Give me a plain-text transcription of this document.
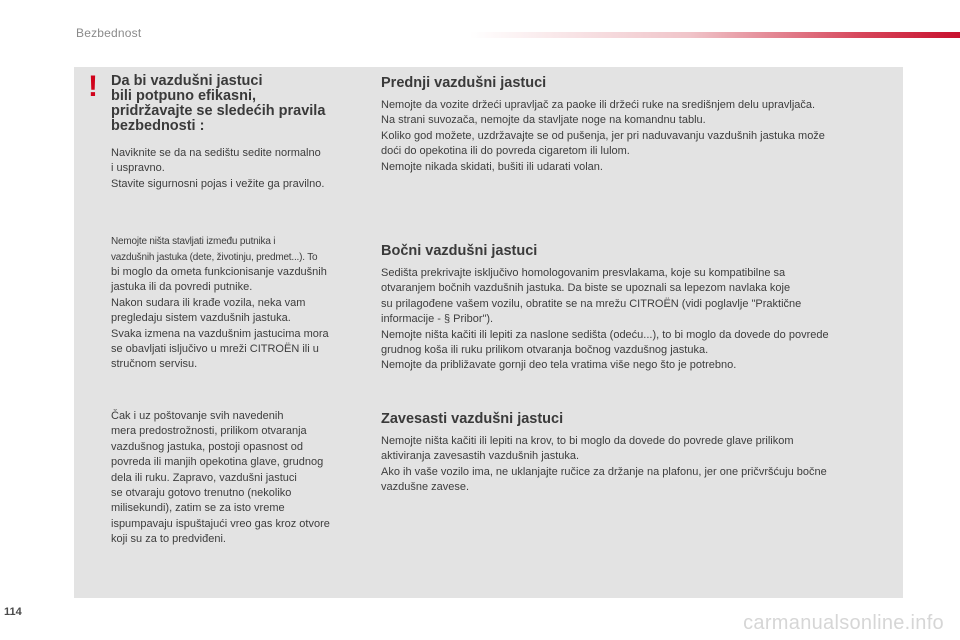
Bezbednost
! Da bi vazdušni jastuci
bili potpuno efikasni,
pridržavajte se sledećih pravila
bezbednosti :

Naviknite se da na sedištu sedite normalno
i uspravno.
Stavite sigurnosni pojas i vežite ga pravilno.

Nemojte ništa stavljati između putnika i
vazdušnih jastuka (dete, životinju, predmet...). To
bi moglo da ometa funkcionisanje vazdušnih
jastuka ili da povredi putnike.
Nakon sudara ili krađe vozila, neka vam
pregledaju sistem vazdušnih jastuka.
Svaka izmena na vazdušnim jastucima mora
se obavljati isljučivo u mreži CITROËN ili u
stručnom servisu.

Čak i uz poštovanje svih navedenih
mera predostrožnosti, prilikom otvaranja
vazdušnog jastuka, postoji opasnost od
povreda ili manjih opekotina glave, grudnog
dela ili ruku. Zapravo, vazdušni jastuci
se otvaraju gotovo trenutno (nekoliko
milisekundi), zatim se za isto vreme
ispumpavaju ispuštajući vreo gas kroz otvore
koji su za to predviđeni.

Prednji vazdušni jastuci

Nemojte da vozite držeći upravljač za paoke ili držeći ruke na središnjem delu upravljača.
Na strani suvozača, nemojte da stavljate noge na komandnu tablu.
Koliko god možete, uzdržavajte se od pušenja, jer pri naduvavanju vazdušnih jastuka može
doći do opekotina ili do povreda cigaretom ili lulom.
Nemojte nikada skidati, bušiti ili udarati volan.

Bočni vazdušni jastuci

Sedišta prekrivajte isključivo homologovanim presvlakama, koje su kompatibilne sa
otvaranjem bočnih vazdušnih jastuka. Da biste se upoznali sa lepezom navlaka koje
su prilagođene vašem vozilu, obratite se na mrežu CITROËN (vidi poglavlje "Praktične
informacije - § Pribor").
Nemojte ništa kačiti ili lepiti za naslone sedišta (odeću...), to bi moglo da dovede do povrede
grudnog koša ili ruku prilikom otvaranja bočnog vazdušnog jastuka.
Nemojte da približavate gornji deo tela vratima više nego što je potrebno.

Zavesasti vazdušni jastuci

Nemojte ništa kačiti ili lepiti na krov, to bi moglo da dovede do povrede glave prilikom
aktiviranja zavesastih vazdušnih jastuka.
Ako ih vaše vozilo ima, ne uklanjajte ručice za držanje na plafonu, jer one pričvršćuju bočne
vazdušne zavese.

114	carmanualsonline.info
